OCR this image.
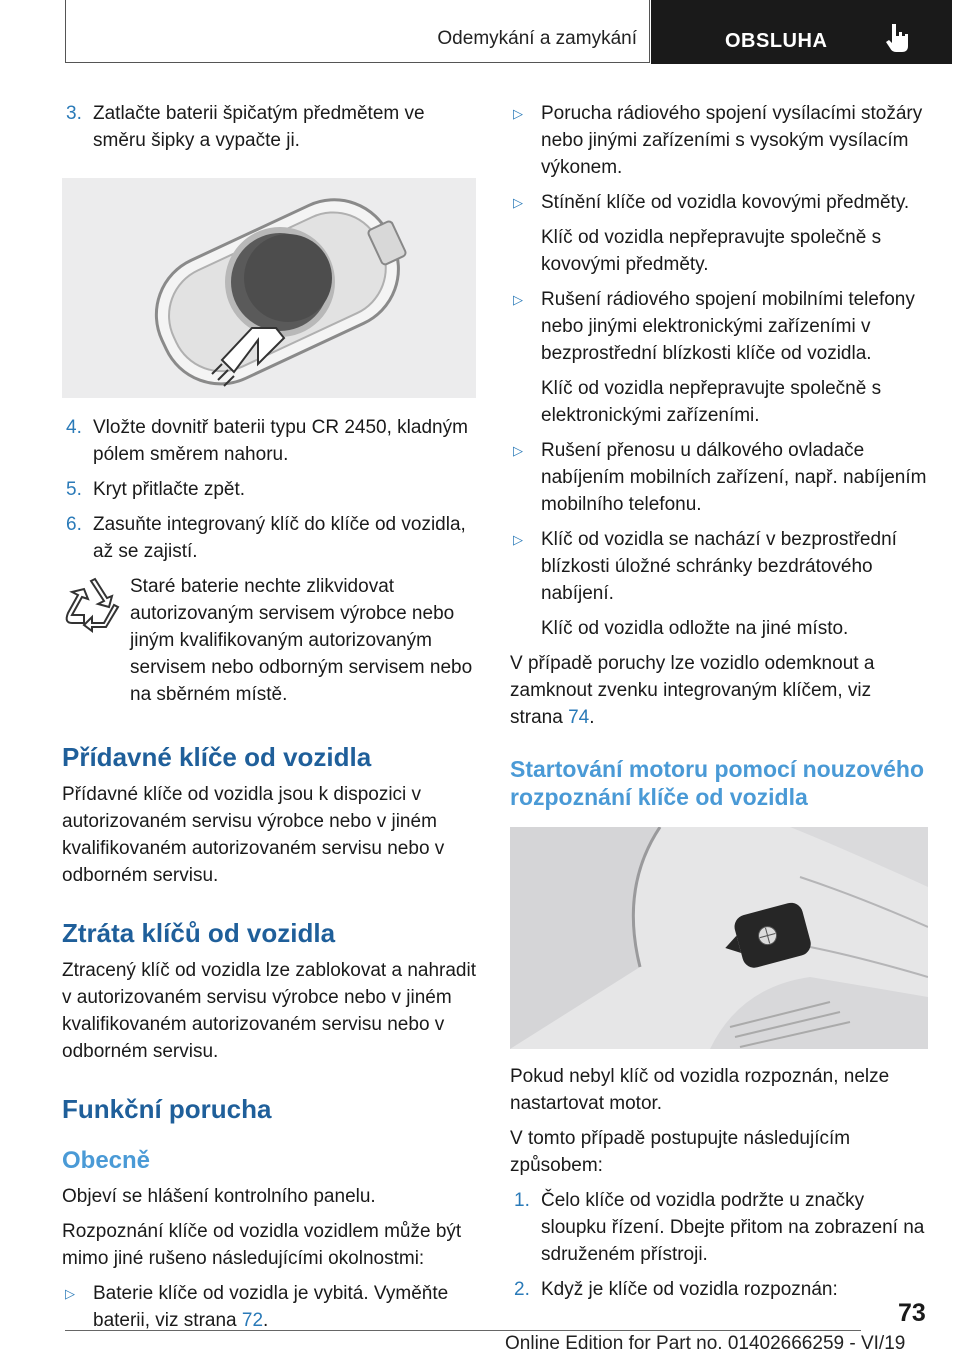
Odemykání a zamykání	OBSLUHA
3. Zatlačte baterii špičatým předmětem ve směru šipky a vypačte ji.

4. Vložte dovnitř baterii typu CR 2450, kladným pólem směrem nahoru.

5. Kryt přitlačte zpět.

6. Zasuňte integrovaný klíč do klíče od vozidla, až se zajistí.

Staré baterie nechte zlikvidovat autorizovaným servisem výrobce nebo jiným kvalifikovaným autorizovaným servisem nebo odborným servisem nebo na sběrném místě.

Přídavné klíče od vozidla

Přídavné klíče od vozidla jsou k dispozici v autorizovaném servisu výrobce nebo v jiném kvalifikovaném autorizovaném servisu nebo v odborném servisu.

Ztráta klíčů od vozidla

Ztracený klíč od vozidla lze zablokovat a nahradit v autorizovaném servisu výrobce nebo v jiném kvalifikovaném autorizovaném servisu nebo v odborném servisu.

Funkční porucha
Obecně

Objeví se hlášení kontrolního panelu.

Rozpoznání klíče od vozidla vozidlem může být mimo jiné rušeno následujícími okolnostmi:

▷ Baterie klíče od vozidla je vybitá. Vyměňte baterii, viz strana 72.

▷ Porucha rádiového spojení vysílacími stožáry nebo jinými zařízeními s vysokým vysílacím výkonem.

▷ Stínění klíče od vozidla kovovými předměty.

Klíč od vozidla nepřepravujte společně s kovovými předměty.

▷ Rušení rádiového spojení mobilními telefony nebo jinými elektronickými zařízeními v bezprostřední blízkosti klíče od vozidla.

Klíč od vozidla nepřepravujte společně s elektronickými zařízeními.

▷ Rušení přenosu u dálkového ovladače nabíjením mobilních zařízení, např. nabíjením mobilního telefonu.

▷ Klíč od vozidla se nachází v bezprostřední blízkosti úložné schránky bezdrátového nabíjení.

Klíč od vozidla odložte na jiné místo.

V případě poruchy lze vozidlo odemknout a zamknout zvenku integrovaným klíčem, viz strana 74.

Startování motoru pomocí nouzového rozpoznání klíče od vozidla

Pokud nebyl klíč od vozidla rozpoznán, nelze nastartovat motor.

V tomto případě postupujte následujícím způsobem:

1. Čelo klíče od vozidla podržte u značky sloupku řízení. Dbejte přitom na zobrazení na sdruženém přístroji.

2. Když je klíče od vozidla rozpoznán:

73
Online Edition for Part no. 01402666259 - VI/19
